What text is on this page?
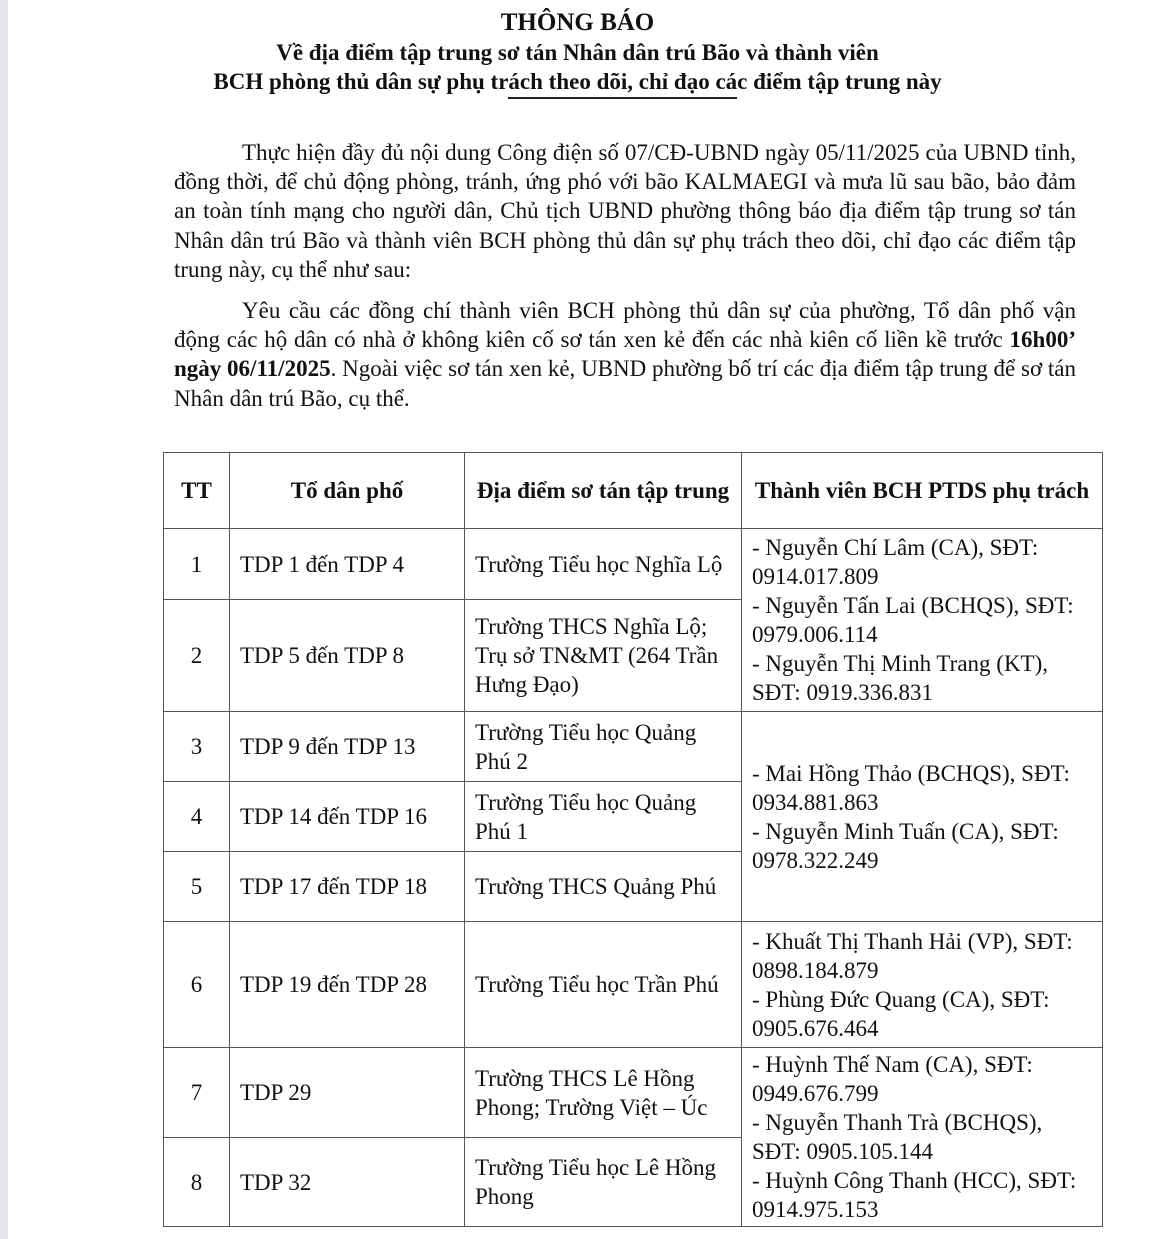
THÔNG BÁO
Về địa điểm tập trung sơ tán Nhân dân trú Bão và thành viên
BCH phòng thủ dân sự phụ trách theo dõi, chỉ đạo các điểm tập trung này
Thực hiện đầy đủ nội dung Công điện số 07/CĐ-UBND ngày 05/11/2025 của UBND tỉnh, đồng thời, để chủ động phòng, tránh, ứng phó với bão KALMAEGI và mưa lũ sau bão, bảo đảm an toàn tính mạng cho người dân, Chủ tịch UBND phường thông báo địa điểm tập trung sơ tán Nhân dân trú Bão và thành viên BCH phòng thủ dân sự phụ trách theo dõi, chỉ đạo các điểm tập trung này, cụ thể như sau:
Yêu cầu các đồng chí thành viên BCH phòng thủ dân sự của phường, Tổ dân phố vận động các hộ dân có nhà ở không kiên cố sơ tán xen kẻ đến các nhà kiên cố liền kề trước 16h00’ ngày 06/11/2025. Ngoài việc sơ tán xen kẻ, UBND phường bố trí các địa điểm tập trung để sơ tán Nhân dân trú Bão, cụ thể.
TT	Tổ dân phố	Địa điểm sơ tán tập trung	Thành viên BCH PTDS phụ trách
1	TDP 1 đến TDP 4	Trường Tiểu học Nghĩa Lộ	- Nguyễn Chí Lâm (CA), SĐT: 0914.017.809
- Nguyễn Tấn Lai (BCHQS), SĐT: 0979.006.114
- Nguyễn Thị Minh Trang (KT), SĐT: 0919.336.831

2	TDP 5 đến TDP 8	Trường THCS Nghĩa Lộ; Trụ sở TN&MT (264 Trần Hưng Đạo)	
3	TDP 9 đến TDP 13	Trường Tiểu học Quảng Phú 2	- Mai Hồng Thảo (BCHQS), SĐT: 0934.881.863
- Nguyễn Minh Tuấn (CA), SĐT: 0978.322.249

4	TDP 14 đến TDP 16	Trường Tiểu học Quảng Phú 1	
5	TDP 17 đến TDP 18	Trường THCS Quảng Phú	
6	TDP 19 đến TDP 28	Trường Tiểu học Trần Phú	- Khuất Thị Thanh Hải (VP), SĐT: 0898.184.879
- Phùng Đức Quang (CA), SĐT: 0905.676.464

7	TDP 29	Trường THCS Lê Hồng Phong; Trường Việt – Úc	- Huỳnh Thế Nam (CA), SĐT: 0949.676.799
- Nguyễn Thanh Trà (BCHQS), SĐT: 0905.105.144
- Huỳnh Công Thanh (HCC), SĐT: 0914.975.153

8	TDP 32	Trường Tiểu học Lê Hồng Phong	
